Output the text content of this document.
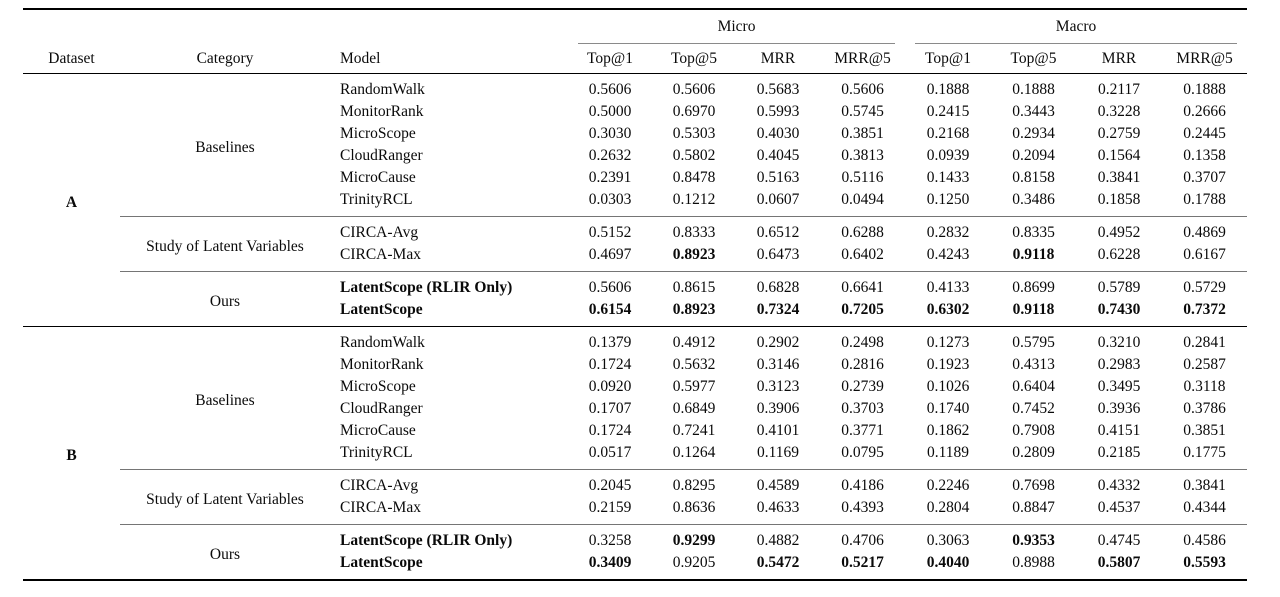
			Micro				Macro			

Dataset	Category	Model	Top@1	Top@5	MRR	MRR@5	Top@1	Top@5	MRR	MRR@5
A	Baselines	RandomWalk	0.5606	0.5606	0.5683	0.5606	0.1888	0.1888	0.2117	0.1888
		MonitorRank	0.5000	0.6970	0.5993	0.5745	0.2415	0.3443	0.3228	0.2666
		MicroScope	0.3030	0.5303	0.4030	0.3851	0.2168	0.2934	0.2759	0.2445
		CloudRanger	0.2632	0.5802	0.4045	0.3813	0.0939	0.2094	0.1564	0.1358
		MicroCause	0.2391	0.8478	0.5163	0.5116	0.1433	0.8158	0.3841	0.3707
		TrinityRCL	0.0303	0.1212	0.0607	0.0494	0.1250	0.3486	0.1858	0.1788
	Study of Latent Variables	CIRCA-Avg	0.5152	0.8333	0.6512	0.6288	0.2832	0.8335	0.4952	0.4869
		CIRCA-Max	0.4697	0.8923	0.6473	0.6402	0.4243	0.9118	0.6228	0.6167
	Ours	LatentScope (RLIR Only)	0.5606	0.8615	0.6828	0.6641	0.4133	0.8699	0.5789	0.5729
		LatentScope	0.6154	0.8923	0.7324	0.7205	0.6302	0.9118	0.7430	0.7372
B	Baselines	RandomWalk	0.1379	0.4912	0.2902	0.2498	0.1273	0.5795	0.3210	0.2841
		MonitorRank	0.1724	0.5632	0.3146	0.2816	0.1923	0.4313	0.2983	0.2587
		MicroScope	0.0920	0.5977	0.3123	0.2739	0.1026	0.6404	0.3495	0.3118
		CloudRanger	0.1707	0.6849	0.3906	0.3703	0.1740	0.7452	0.3936	0.3786
		MicroCause	0.1724	0.7241	0.4101	0.3771	0.1862	0.7908	0.4151	0.3851
		TrinityRCL	0.0517	0.1264	0.1169	0.0795	0.1189	0.2809	0.2185	0.1775
	Study of Latent Variables	CIRCA-Avg	0.2045	0.8295	0.4589	0.4186	0.2246	0.7698	0.4332	0.3841
		CIRCA-Max	0.2159	0.8636	0.4633	0.4393	0.2804	0.8847	0.4537	0.4344
	Ours	LatentScope (RLIR Only)	0.3258	0.9299	0.4882	0.4706	0.3063	0.9353	0.4745	0.4586
		LatentScope	0.3409	0.9205	0.5472	0.5217	0.4040	0.8988	0.5807	0.5593
